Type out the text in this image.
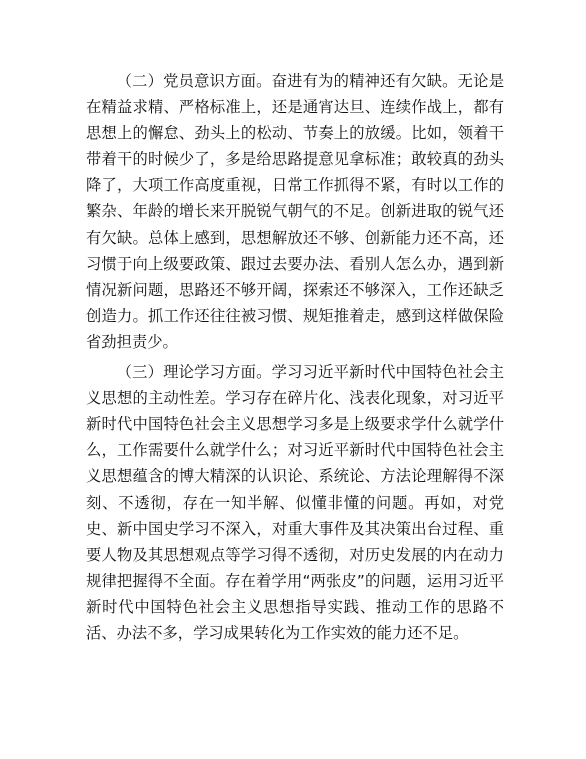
（二）党员意识方面。奋进有为的精神还有欠缺。无论是在精益求精、严格标准上，还是通宵达旦、连续作战上，都有思想上的懈怠、劲头上的松动、节奏上的放缓。比如，领着干带着干的时候少了，多是给思路提意见拿标准；敢较真的劲头降了，大项工作高度重视，日常工作抓得不紧，有时以工作的繁杂、年龄的增长来开脱锐气朝气的不足。创新进取的锐气还有欠缺。总体上感到，思想解放还不够、创新能力还不高，还习惯于向上级要政策、跟过去要办法、看别人怎么办，遇到新情况新问题，思路还不够开阔，探索还不够深入，工作还缺乏创造力。抓工作还往往被习惯、规矩推着走，感到这样做保险省劲担责少。

（三）理论学习方面。学习习近平新时代中国特色社会主义思想的主动性差。学习存在碎片化、浅表化现象，对习近平新时代中国特色社会主义思想学习多是上级要求学什么就学什么，工作需要什么就学什么；对习近平新时代中国特色社会主义思想蕴含的博大精深的认识论、系统论、方法论理解得不深刻、不透彻，存在一知半解、似懂非懂的问题。再如，对党史、新中国史学习不深入，对重大事件及其决策出台过程、重要人物及其思想观点等学习得不透彻，对历史发展的内在动力规律把握得不全面。存在着学用“两张皮”的问题，运用习近平新时代中国特色社会主义思想指导实践、推动工作的思路不活、办法不多，学习成果转化为工作实效的能力还不足。
